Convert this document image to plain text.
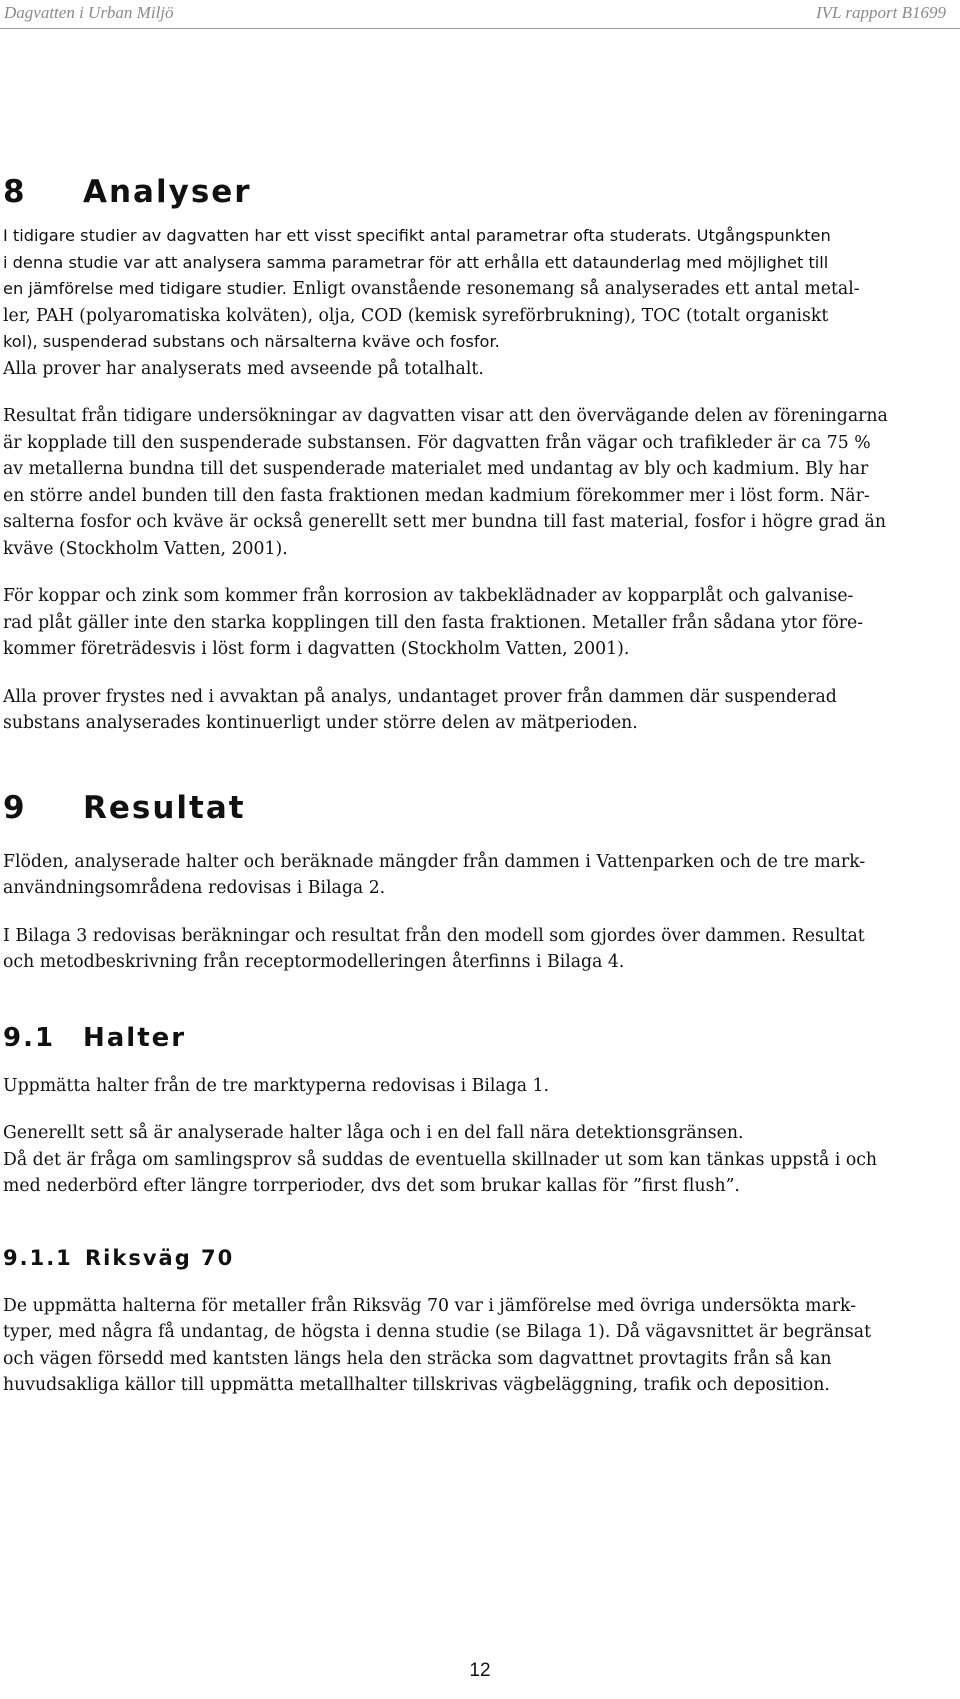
Dagvatten i Urban Miljö	IVL rapport B1699
8 Analyser

I tidigare studier av dagvatten har ett visst specifikt antal parametrar ofta studerats. Utgångspunkten
i denna studie var att analysera samma parametrar för att erhålla ett dataunderlag med möjlighet till
en jämförelse med tidigare studier. Enligt ovanstående resonemang så analyserades ett antal metal-
ler, PAH (polyaromatiska kolväten), olja, COD (kemisk syreförbrukning), TOC (totalt organiskt
kol), suspenderad substans och närsalterna kväve och fosfor.
Alla prover har analyserats med avseende på totalhalt.

Resultat från tidigare undersökningar av dagvatten visar att den övervägande delen av föreningarna
är kopplade till den suspenderade substansen. För dagvatten från vägar och trafikleder är ca 75 %
av metallerna bundna till det suspenderade materialet med undantag av bly och kadmium. Bly har
en större andel bunden till den fasta fraktionen medan kadmium förekommer mer i löst form. När-
salterna fosfor och kväve är också generellt sett mer bundna till fast material, fosfor i högre grad än
kväve (Stockholm Vatten, 2001).

För koppar och zink som kommer från korrosion av takbeklädnader av kopparplåt och galvanise-
rad plåt gäller inte den starka kopplingen till den fasta fraktionen. Metaller från sådana ytor före-
kommer företrädesvis i löst form i dagvatten (Stockholm Vatten, 2001).

Alla prover frystes ned i avvaktan på analys, undantaget prover från dammen där suspenderad
substans analyserades kontinuerligt under större delen av mätperioden.

9 Resultat

Flöden, analyserade halter och beräknade mängder från dammen i Vattenparken och de tre mark-
användningsområdena redovisas i Bilaga 2.

I Bilaga 3 redovisas beräkningar och resultat från den modell som gjordes över dammen. Resultat
och metodbeskrivning från receptormodelleringen återfinns i Bilaga 4.

9.1 Halter

Uppmätta halter från de tre marktyperna redovisas i Bilaga 1.

Generellt sett så är analyserade halter låga och i en del fall nära detektionsgränsen.
Då det är fråga om samlingsprov så suddas de eventuella skillnader ut som kan tänkas uppstå i och
med nederbörd efter längre torrperioder, dvs det som brukar kallas för ”first flush”.

9.1.1 Riksväg 70

De uppmätta halterna för metaller från Riksväg 70 var i jämförelse med övriga undersökta mark-
typer, med några få undantag, de högsta i denna studie (se Bilaga 1). Då vägavsnittet är begränsat
och vägen försedd med kantsten längs hela den sträcka som dagvattnet provtagits från så kan
huvudsakliga källor till uppmätta metallhalter tillskrivas vägbeläggning, trafik och deposition.

12
